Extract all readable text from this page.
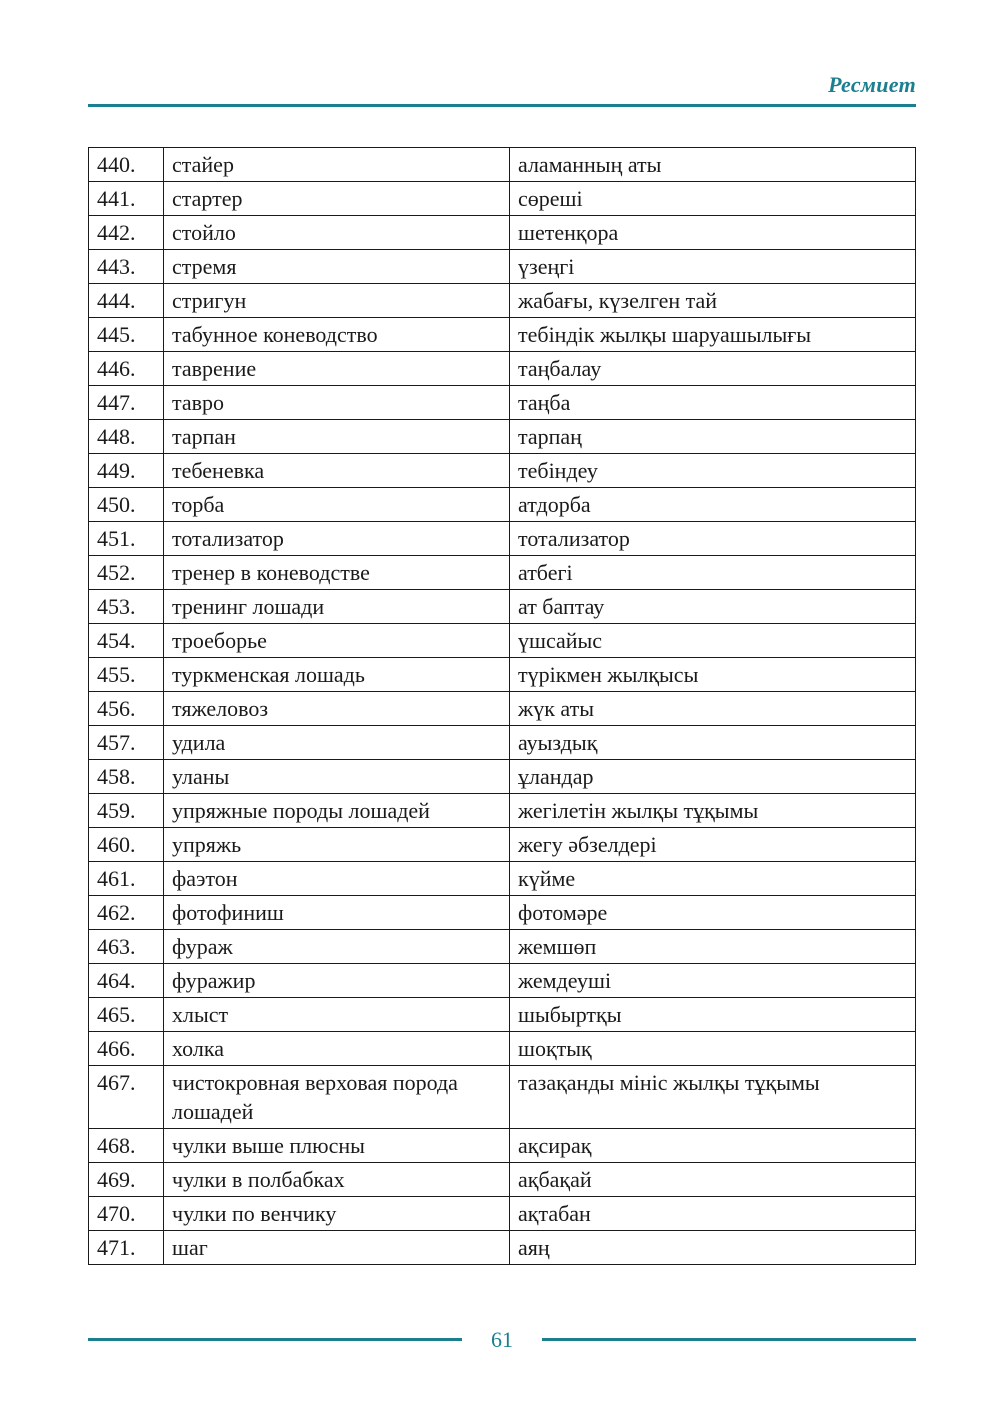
Ресмиет
440.	стайер	аламанның аты
441.	стартер	сөреші
442.	стойло	шетенқора
443.	стремя	үзеңгі
444.	стригун	жабағы, күзелген тай
445.	табунное коневодство	тебіндік жылқы шаруашылығы
446.	таврение	таңбалау
447.	тавро	таңба
448.	тарпан	тарпаң
449.	тебеневка	тебіндеу
450.	торба	атдорба
451.	тотализатор	тотализатор
452.	тренер в коневодстве	атбегі
453.	тренинг лошади	ат баптау
454.	троеборье	үшсайыс
455.	туркменская лошадь	түрікмен жылқысы
456.	тяжеловоз	жүк аты
457.	удила	ауыздық
458.	уланы	ұландар
459.	упряжные породы лошадей	жегілетін жылқы тұқымы
460.	упряжь	жегу әбзелдері
461.	фаэтон	күйме
462.	фотофиниш	фотомәре
463.	фураж	жемшөп
464.	фуражир	жемдеуші
465.	хлыст	шыбыртқы
466.	холка	шоқтық
467.	чистокровная верховая порода лошадей	тазақанды мініс жылқы тұқымы
468.	чулки выше плюсны	ақсирақ
469.	чулки в полбабках	ақбақай
470.	чулки по венчику	ақтабан
471.	шаг	аяң
61
